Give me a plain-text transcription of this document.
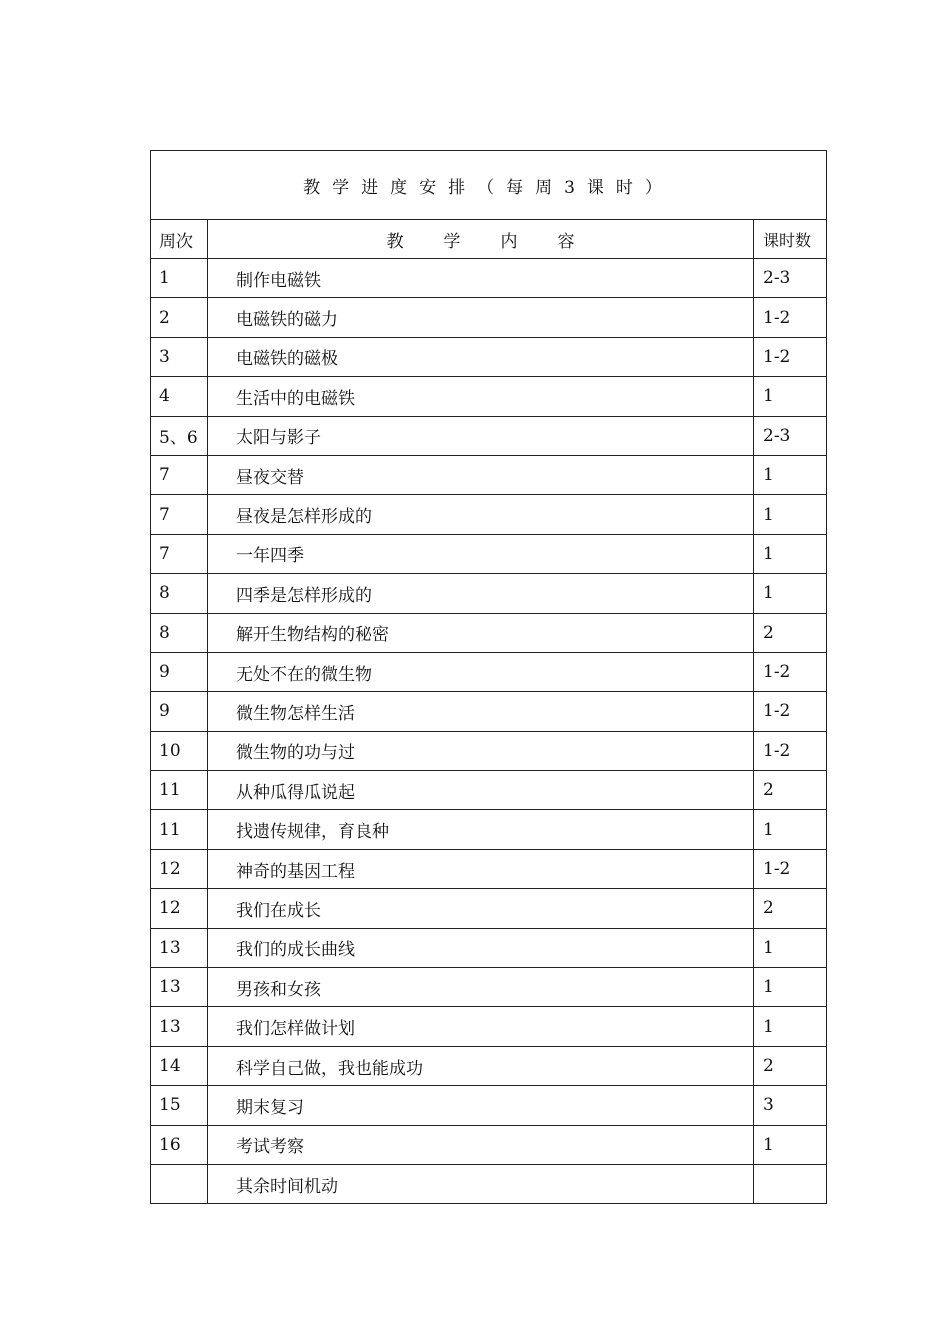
教学进度安排（每周3课时）		
周次	教学内容	课时数
1	制作电磁铁	2-3
2	电磁铁的磁力	1-2
3	电磁铁的磁极	1-2
4	生活中的电磁铁	1
5、6	太阳与影子	2-3
7	昼夜交替	1
7	昼夜是怎样形成的	1
7	一年四季	1
8	四季是怎样形成的	1
8	解开生物结构的秘密	2
9	无处不在的微生物	1-2
9	微生物怎样生活	1-2
10	微生物的功与过	1-2
11	从种瓜得瓜说起	2
11	找遗传规律，育良种	1
12	神奇的基因工程	1-2
12	我们在成长	2
13	我们的成长曲线	1
13	男孩和女孩	1
13	我们怎样做计划	1
14	科学自己做，我也能成功	2
15	期末复习	3
16	考试考察	1
	其余时间机动	
